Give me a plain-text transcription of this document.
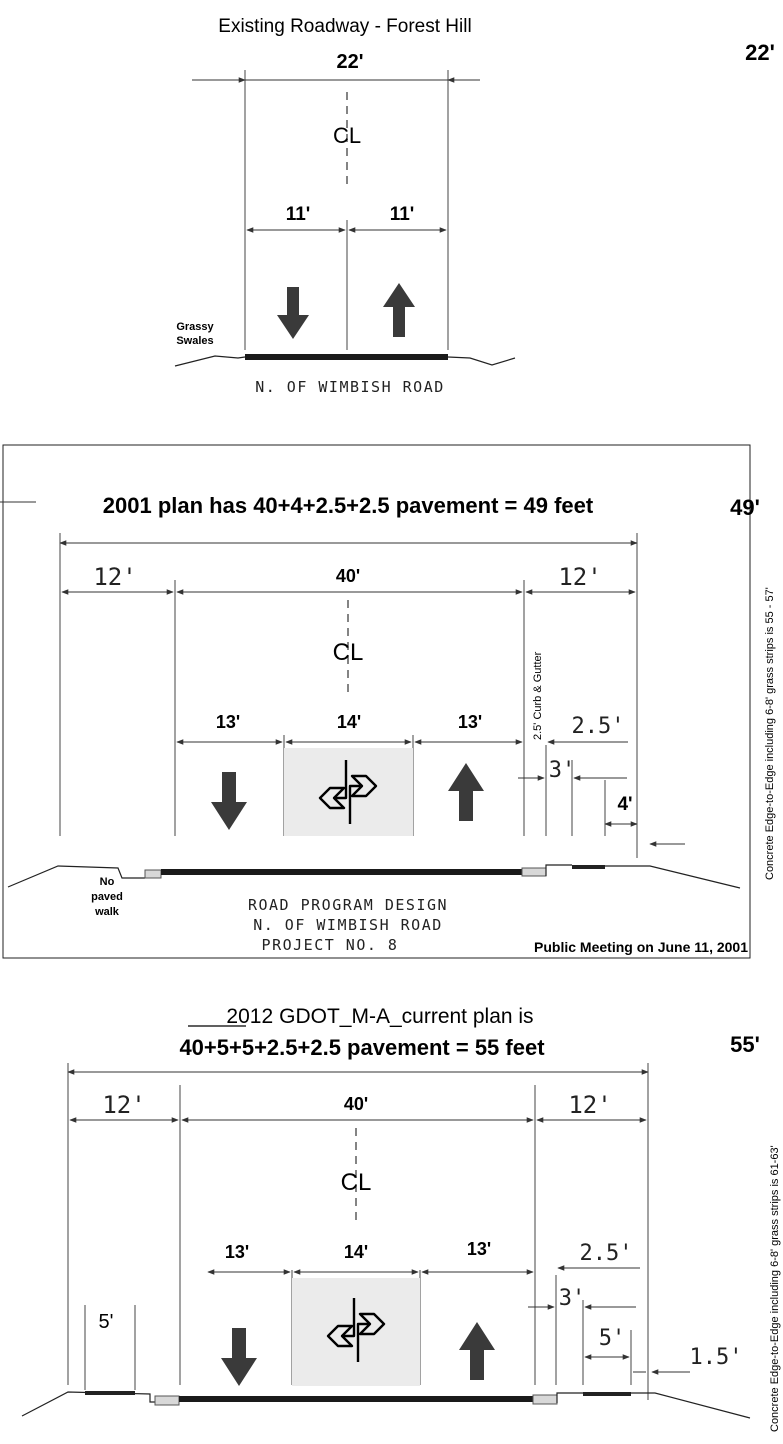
Existing Roadway - Forest Hill
22'
22'
CL
11'	11'
Grassy
Swales
N. OF WIMBISH ROAD
2001 plan has 40+4+2.5+2.5 pavement = 49 feet	49'
12'	40'	12'
CL
13'	14'	13'	2.5' Curb & Gutter 2.5'
3'
4'
No
paved
walk	ROAD PROGRAM DESIGN
N. OF WIMBISH ROAD
PROJECT NO. 8	Public Meeting on June 11, 2001
Concrete Edge-to-Edge including 6-8' grass strips is 55 - 57'
2012 GDOT_M-A_current plan is
40+5+5+2.5+2.5 pavement = 55 feet	55'
12'	40'	12'
CL
13'	14'	13'
5'
2.5'
3'
5'
1.5' Concrete Edge-to-Edge including 6-8' grass strips is 61-63'
